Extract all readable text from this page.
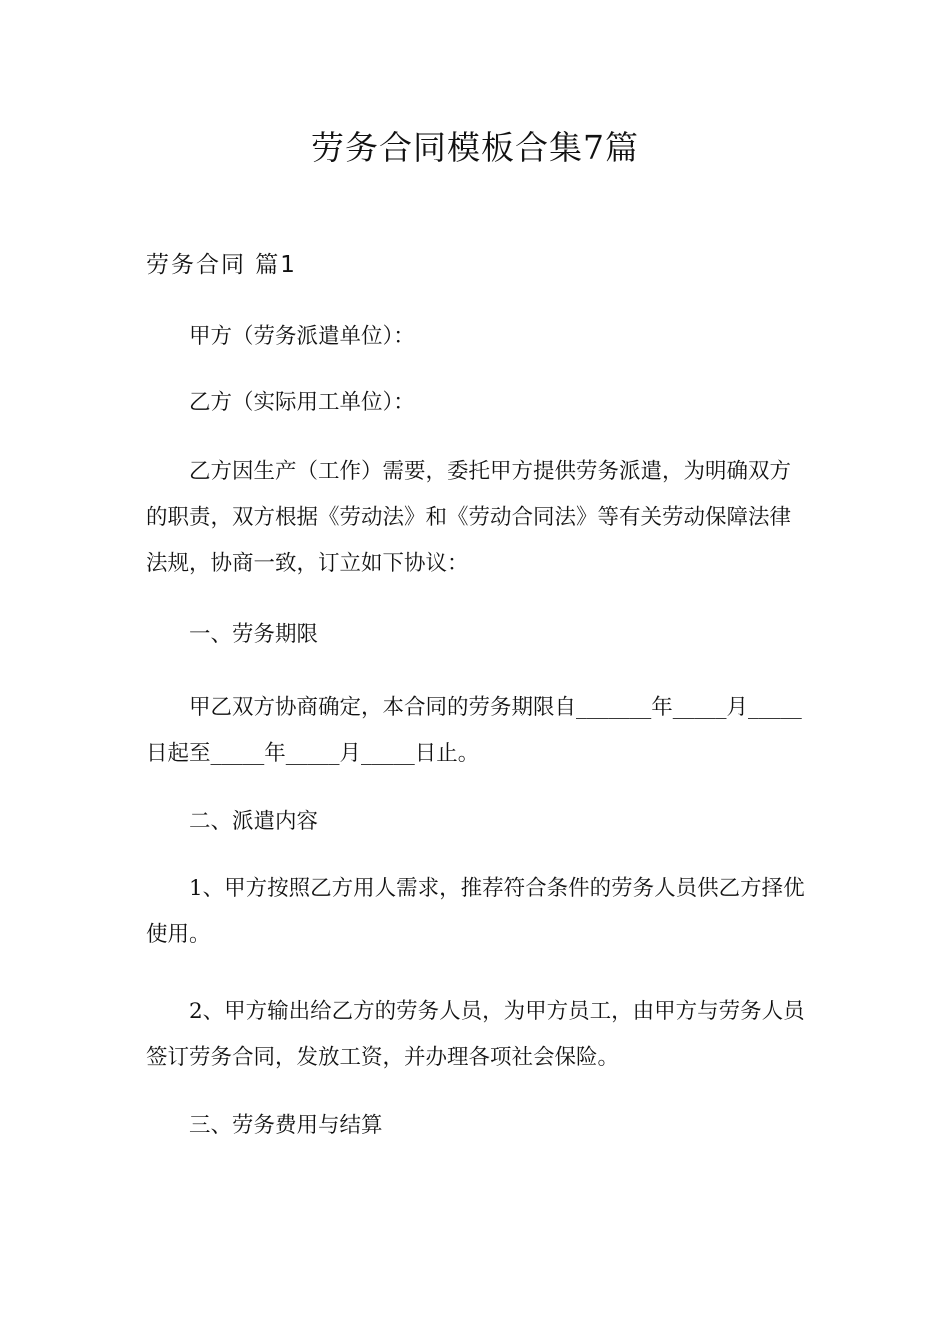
劳务合同模板合集7篇
劳务合同 篇1

甲方（劳务派遣单位）：

乙方（实际用工单位）：

乙方因生产（工作）需要，委托甲方提供劳务派遣，为明确双方的职责，双方根据《劳动法》和《劳动合同法》等有关劳动保障法律法规，协商一致，订立如下协议：

一、劳务期限

甲乙双方协商确定，本合同的劳务期限自_______年_____月_____日起至_____年_____月_____日止。

二、派遣内容

1、甲方按照乙方用人需求，推荐符合条件的劳务人员供乙方择优使用。

2、甲方输出给乙方的劳务人员，为甲方员工，由甲方与劳务人员签订劳务合同，发放工资，并办理各项社会保险。

三、劳务费用与结算
